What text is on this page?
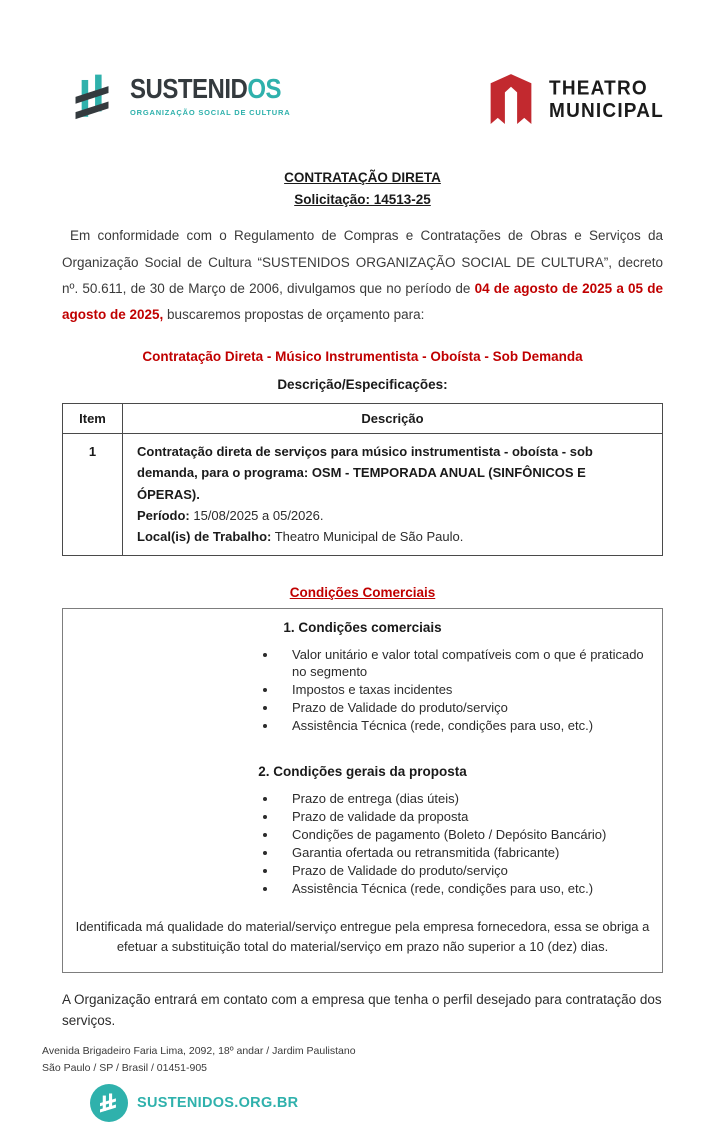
SUSTENIDOS
ORGANIZAÇÃO SOCIAL DE CULTURA
THEATRO
MUNICIPAL
CONTRATAÇÃO DIRETA
Solicitação: 14513-25

Em conformidade com o Regulamento de Compras e Contratações de Obras e Serviços da Organização Social de Cultura “SUSTENIDOS ORGANIZAÇÃO SOCIAL DE CULTURA”, decreto nº. 50.611, de 30 de Março de 2006, divulgamos que no período de 04 de agosto de 2025 a 05 de agosto de 2025, buscaremos propostas de orçamento para:

Contratação Direta - Músico Instrumentista - Oboísta - Sob Demanda
Descrição/Especificações:
Item	Descrição
1	Contratação direta de serviços para músico instrumentista - oboísta - sob demanda, para o programa: OSM - TEMPORADA ANUAL (SINFÔNICOS E ÓPERAS).
Período: 15/08/2025 a 05/2026.
Local(is) de Trabalho: Theatro Municipal de São Paulo.
Condições Comerciais
1. Condições comerciais
• Valor unitário e valor total compatíveis com o que é praticado no segmento
• Impostos e taxas incidentes
• Prazo de Validade do produto/serviço
• Assistência Técnica (rede, condições para uso, etc.)
2. Condições gerais da proposta
• Prazo de entrega (dias úteis)
• Prazo de validade da proposta
• Condições de pagamento (Boleto / Depósito Bancário)
• Garantia ofertada ou retransmitida (fabricante)
• Prazo de Validade do produto/serviço
• Assistência Técnica (rede, condições para uso, etc.)
Identificada má qualidade do material/serviço entregue pela empresa fornecedora, essa se obriga a efetuar a substituição total do material/serviço em prazo não superior a 10 (dez) dias.

A Organização entrará em contato com a empresa que tenha o perfil desejado para contratação dos serviços.

Avenida Brigadeiro Faria Lima, 2092, 18º andar / Jardim Paulistano
São Paulo / SP / Brasil / 01451-905
SUSTENIDOS.ORG.BR
